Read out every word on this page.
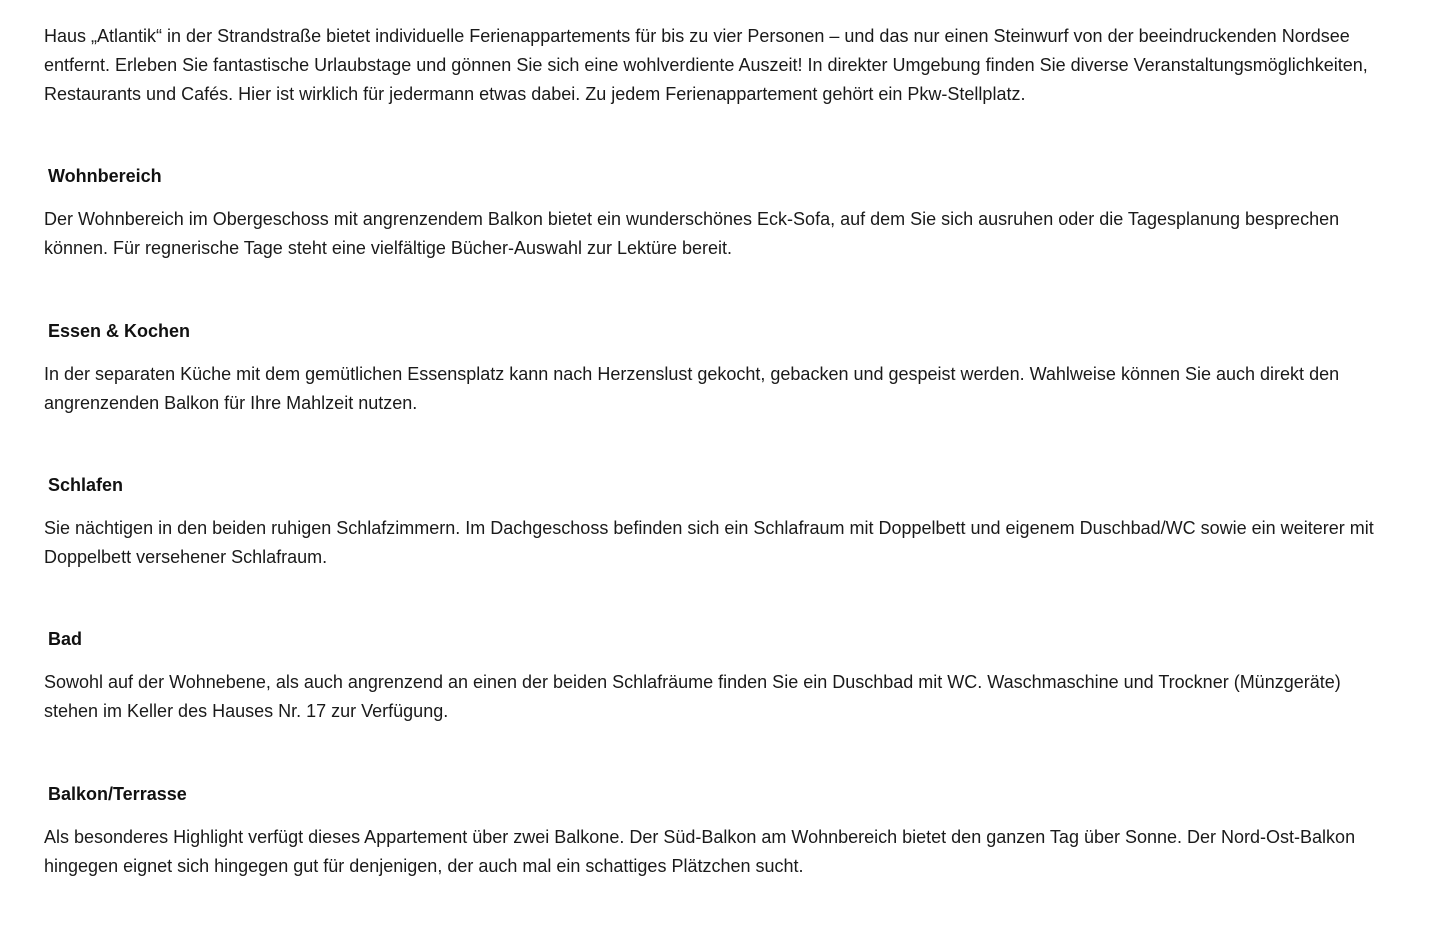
Haus „Atlantik“ in der Strandstraße bietet individuelle Ferienappartements für bis zu vier Personen – und das nur einen Steinwurf von der beeindruckenden Nordsee entfernt. Erleben Sie fantastische Urlaubstage und gönnen Sie sich eine wohlverdiente Auszeit! In direkter Umgebung finden Sie diverse Veranstaltungsmöglichkeiten, Restaurants und Cafés. Hier ist wirklich für jedermann etwas dabei. Zu jedem Ferienappartement gehört ein Pkw-Stellplatz.

Wohnbereich

Der Wohnbereich im Obergeschoss mit angrenzendem Balkon bietet ein wunderschönes Eck-Sofa, auf dem Sie sich ausruhen oder die Tagesplanung besprechen können. Für regnerische Tage steht eine vielfältige Bücher-Auswahl zur Lektüre bereit.

Essen & Kochen

In der separaten Küche mit dem gemütlichen Essensplatz kann nach Herzenslust gekocht, gebacken und gespeist werden. Wahlweise können Sie auch direkt den angrenzenden Balkon für Ihre Mahlzeit nutzen.

Schlafen

Sie nächtigen in den beiden ruhigen Schlafzimmern. Im Dachgeschoss befinden sich ein Schlafraum mit Doppelbett und eigenem Duschbad/WC sowie ein weiterer mit Doppelbett versehener Schlafraum.

Bad

Sowohl auf der Wohnebene, als auch angrenzend an einen der beiden Schlafräume finden Sie ein Duschbad mit WC. Waschmaschine und Trockner (Münzgeräte) stehen im Keller des Hauses Nr. 17 zur Verfügung.

Balkon/Terrasse

Als besonderes Highlight verfügt dieses Appartement über zwei Balkone. Der Süd-Balkon am Wohnbereich bietet den ganzen Tag über Sonne. Der Nord-Ost-Balkon hingegen eignet sich hingegen gut für denjenigen, der auch mal ein schattiges Plätzchen sucht.
